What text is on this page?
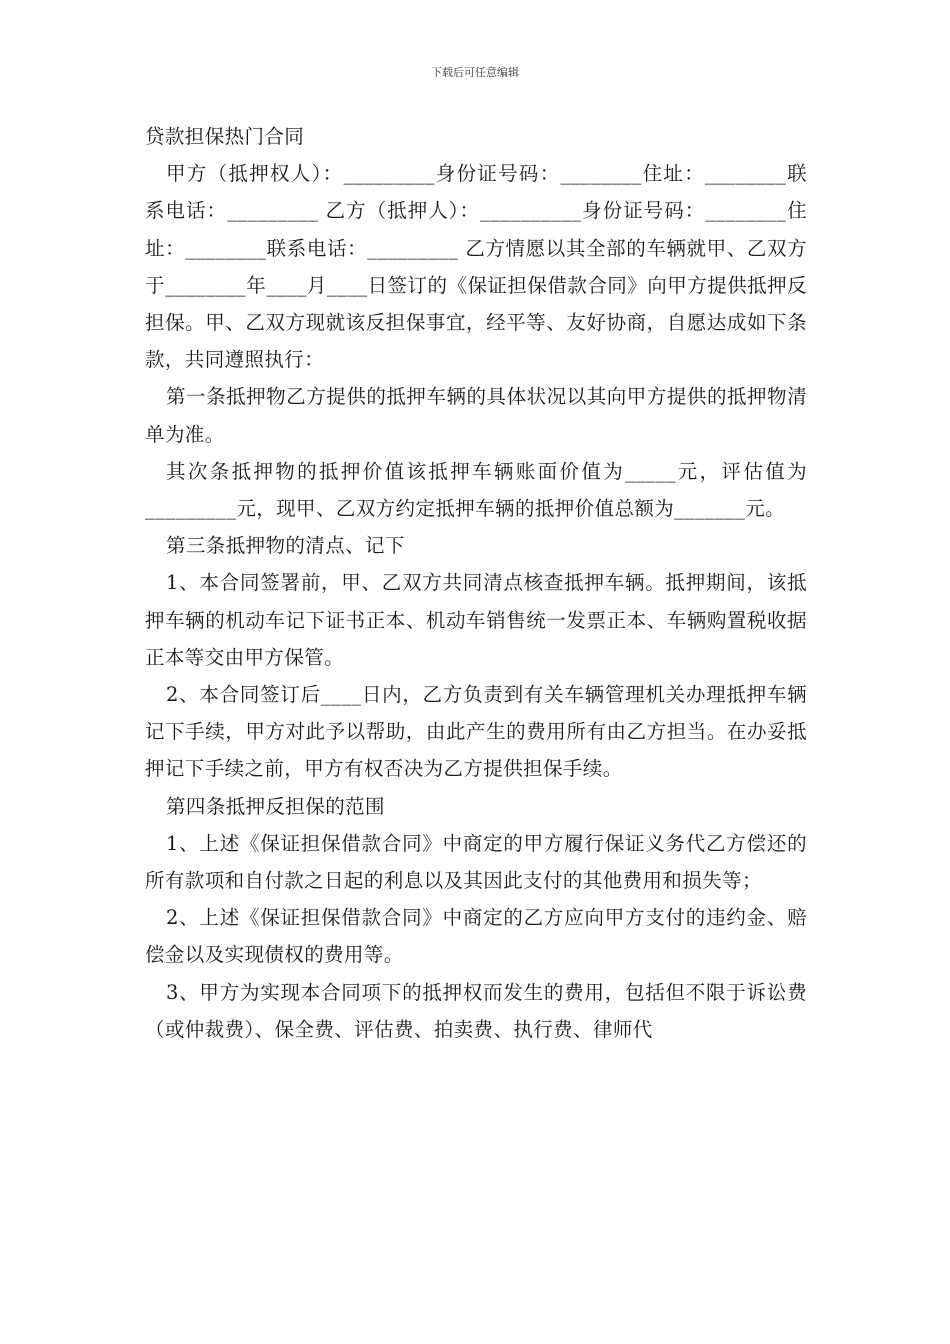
下载后可任意编辑

贷款担保热门合同

甲方（抵押权人）：_________身份证号码：________住址：________联系电话：_________ 乙方（抵押人）：__________身份证号码：________住址：________联系电话：_________ 乙方情愿以其全部的车辆就甲、乙双方于________年____月____日签订的《保证担保借款合同》向甲方提供抵押反担保。甲、乙双方现就该反担保事宜，经平等、友好协商，自愿达成如下条款，共同遵照执行：

第一条抵押物乙方提供的抵押车辆的具体状况以其向甲方提供的抵押物清单为准。

其次条抵押物的抵押价值该抵押车辆账面价值为_____元，评估值为_________元，现甲、乙双方约定抵押车辆的抵押价值总额为_______元。

第三条抵押物的清点、记下

1、本合同签署前，甲、乙双方共同清点核查抵押车辆。抵押期间，该抵押车辆的机动车记下证书正本、机动车销售统一发票正本、车辆购置税收据正本等交由甲方保管。

2、本合同签订后____日内，乙方负责到有关车辆管理机关办理抵押车辆记下手续，甲方对此予以帮助，由此产生的费用所有由乙方担当。在办妥抵押记下手续之前，甲方有权否决为乙方提供担保手续。

第四条抵押反担保的范围

1、上述《保证担保借款合同》中商定的甲方履行保证义务代乙方偿还的所有款项和自付款之日起的利息以及其因此支付的其他费用和损失等；

2、上述《保证担保借款合同》中商定的乙方应向甲方支付的违约金、赔偿金以及实现债权的费用等。

3、甲方为实现本合同项下的抵押权而发生的费用，包括但不限于诉讼费（或仲裁费）、保全费、评估费、拍卖费、执行费、律师代
